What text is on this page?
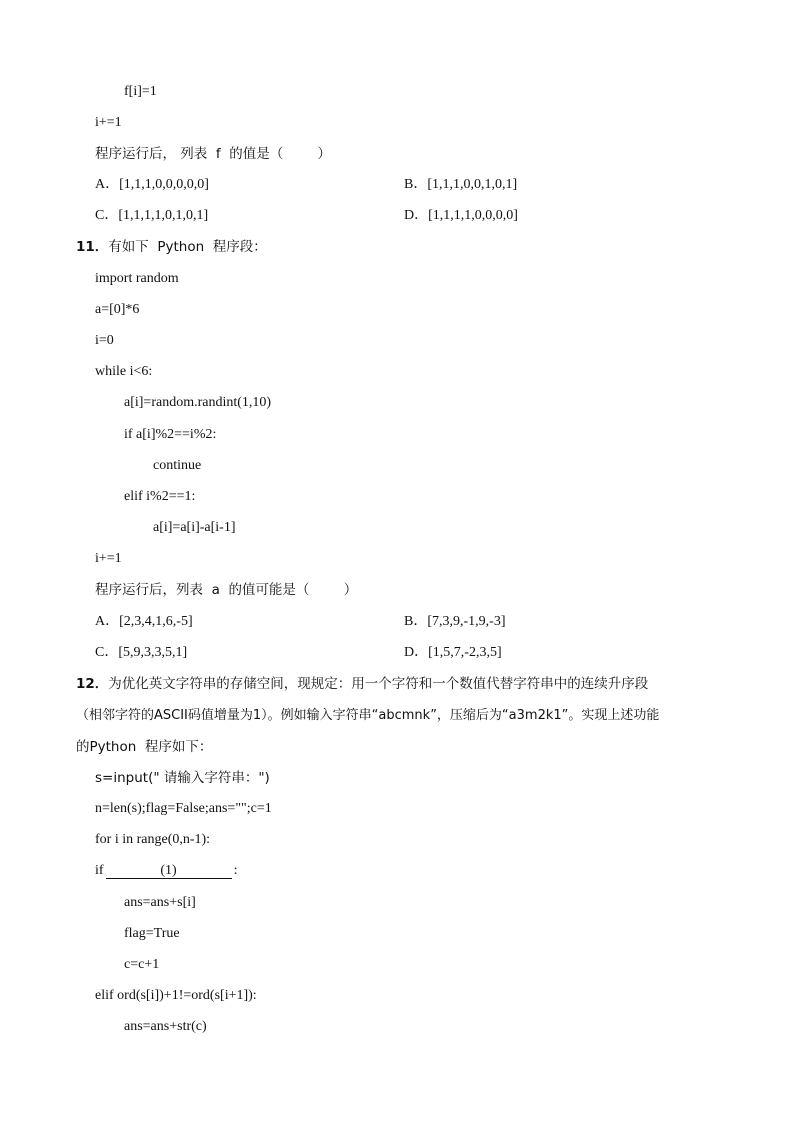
f[i]=1
i+=1
程序运行后， 列表  f  的值是（        ）
A．[1,1,1,0,0,0,0,0]	B．[1,1,1,0,0,1,0,1]
C．[1,1,1,1,0,1,0,1]	D．[1,1,1,1,0,0,0,0]
11．有如下  Python  程序段：
import random
a=[0]*6
i=0
while i<6:
a[i]=random.randint(1,10)
if a[i]%2==i%2:
continue
elif i%2==1:
a[i]=a[i]-a[i-1]
i+=1
程序运行后，列表  a  的值可能是（        ）
A．[2,3,4,1,6,-5]	B．[7,3,9,-1,9,-3]
C．[5,9,3,3,5,1]	D．[1,5,7,-2,3,5]
12．为优化英文字符串的存储空间，现规定：用一个字符和一个数值代替字符串中的连续升序段
（相邻字符的ASCII码值增量为1）。例如输入字符串“abcmnk”，压缩后为“a3m2k1”。实现上述功能
的Python  程序如下：
s=input(" 请输入字符串：")
n=len(s);flag=False;ans="";c=1
for i in range(0,n-1):
if	(1)	:
ans=ans+s[i]
flag=True
c=c+1
elif ord(s[i])+1!=ord(s[i+1]):
ans=ans+str(c)
